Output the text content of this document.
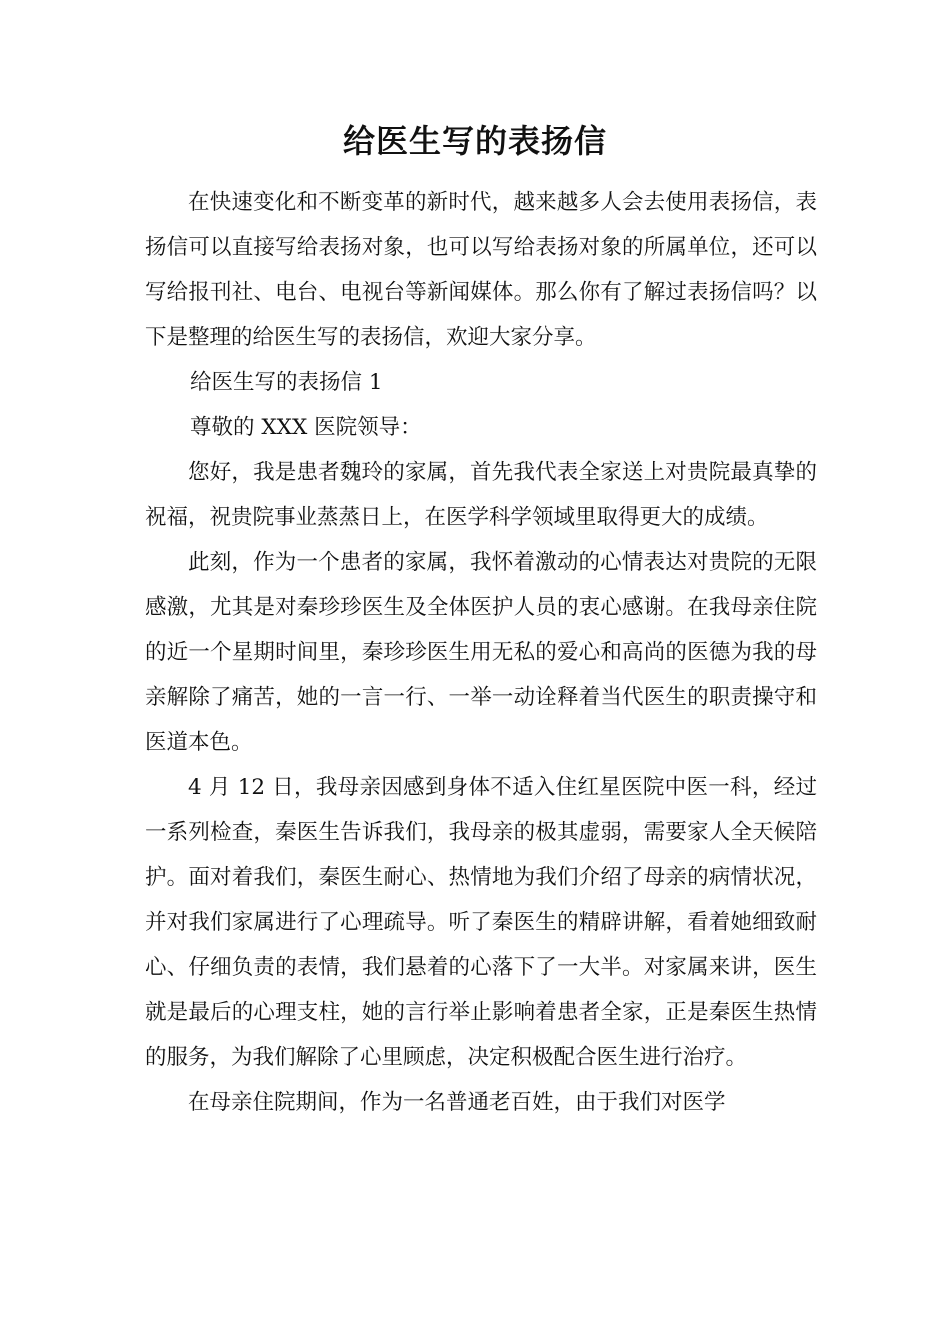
给医生写的表扬信

在快速变化和不断变革的新时代，越来越多人会去使用表扬信，表扬信可以直接写给表扬对象，也可以写给表扬对象的所属单位，还可以写给报刊社、电台、电视台等新闻媒体。那么你有了解过表扬信吗？以下是整理的给医生写的表扬信，欢迎大家分享。

给医生写的表扬信 1

尊敬的 XXX 医院领导：

您好，我是患者魏玲的家属，首先我代表全家送上对贵院最真挚的祝福，祝贵院事业蒸蒸日上，在医学科学领域里取得更大的成绩。

此刻，作为一个患者的家属，我怀着激动的心情表达对贵院的无限感激，尤其是对秦珍珍医生及全体医护人员的衷心感谢。在我母亲住院的近一个星期时间里，秦珍珍医生用无私的爱心和高尚的医德为我的母亲解除了痛苦，她的一言一行、一举一动诠释着当代医生的职责操守和医道本色。

4 月 12 日，我母亲因感到身体不适入住红星医院中医一科，经过一系列检查，秦医生告诉我们，我母亲的极其虚弱，需要家人全天候陪护。面对着我们，秦医生耐心、热情地为我们介绍了母亲的病情状况，并对我们家属进行了心理疏导。听了秦医生的精辟讲解，看着她细致耐心、仔细负责的表情，我们悬着的心落下了一大半。对家属来讲，医生就是最后的心理支柱，她的言行举止影响着患者全家，正是秦医生热情的服务，为我们解除了心里顾虑，决定积极配合医生进行治疗。

在母亲住院期间，作为一名普通老百姓，由于我们对医学
